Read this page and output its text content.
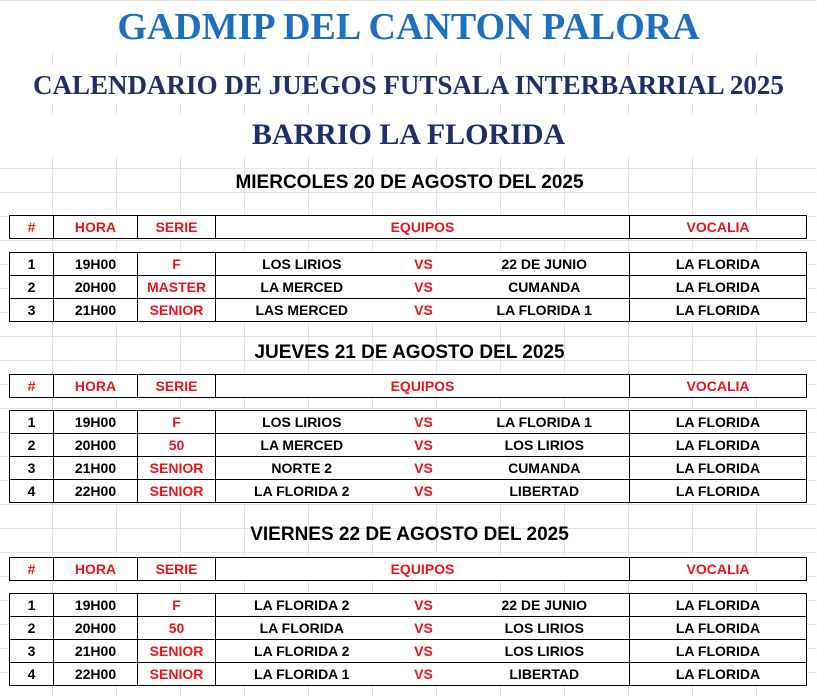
GADMIP DEL CANTON PALORA
CALENDARIO DE JUEGOS FUTSALA INTERBARRIAL 2025
BARRIO LA FLORIDA
MIERCOLES 20 DE AGOSTO DEL 2025
#	HORA	SERIE	EQUIPOS	VOCALIA
1	19H00	F	LOS LIRIOS	VS	22 DE JUNIO	LA FLORIDA
2	20H00	MASTER	LA MERCED	VS	CUMANDA	LA FLORIDA
3	21H00	SENIOR	LAS MERCED	VS	LA FLORIDA 1	LA FLORIDA
JUEVES 21 DE AGOSTO DEL 2025
#	HORA	SERIE	EQUIPOS	VOCALIA
1	19H00	F	LOS LIRIOS	VS	LA FLORIDA 1	LA FLORIDA
2	20H00	50	LA MERCED	VS	LOS LIRIOS	LA FLORIDA
3	21H00	SENIOR	NORTE 2	VS	CUMANDA	LA FLORIDA
4	22H00	SENIOR	LA FLORIDA 2	VS	LIBERTAD	LA FLORIDA
VIERNES 22 DE AGOSTO DEL 2025
#	HORA	SERIE	EQUIPOS	VOCALIA
1	19H00	F	LA FLORIDA 2	VS	22 DE JUNIO	LA FLORIDA
2	20H00	50	LA FLORIDA	VS	LOS LIRIOS	LA FLORIDA
3	21H00	SENIOR	LA FLORIDA 2	VS	LOS LIRIOS	LA FLORIDA
4	22H00	SENIOR	LA FLORIDA 1	VS	LIBERTAD	LA FLORIDA
